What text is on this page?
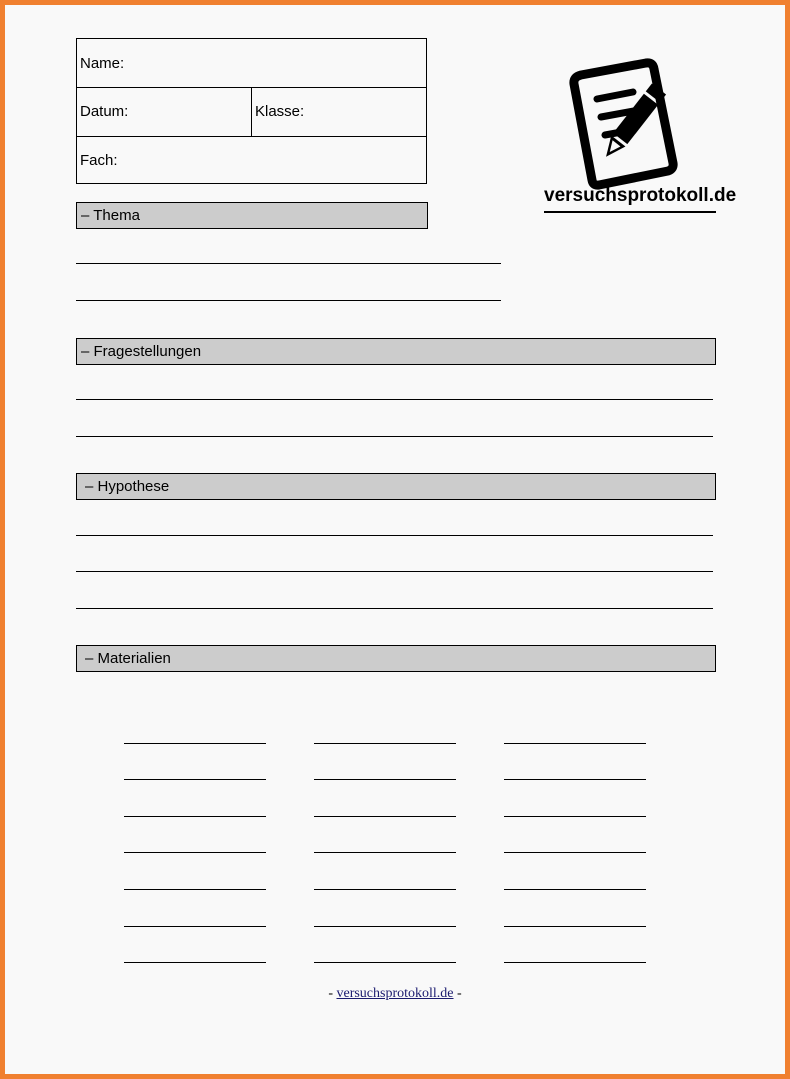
Name:
Datum:	Klasse:
Fach:
versuchsprotokoll.de
– Thema
– Fragestellungen
– Hypothese
– Materialien
- versuchsprotokoll.de -
